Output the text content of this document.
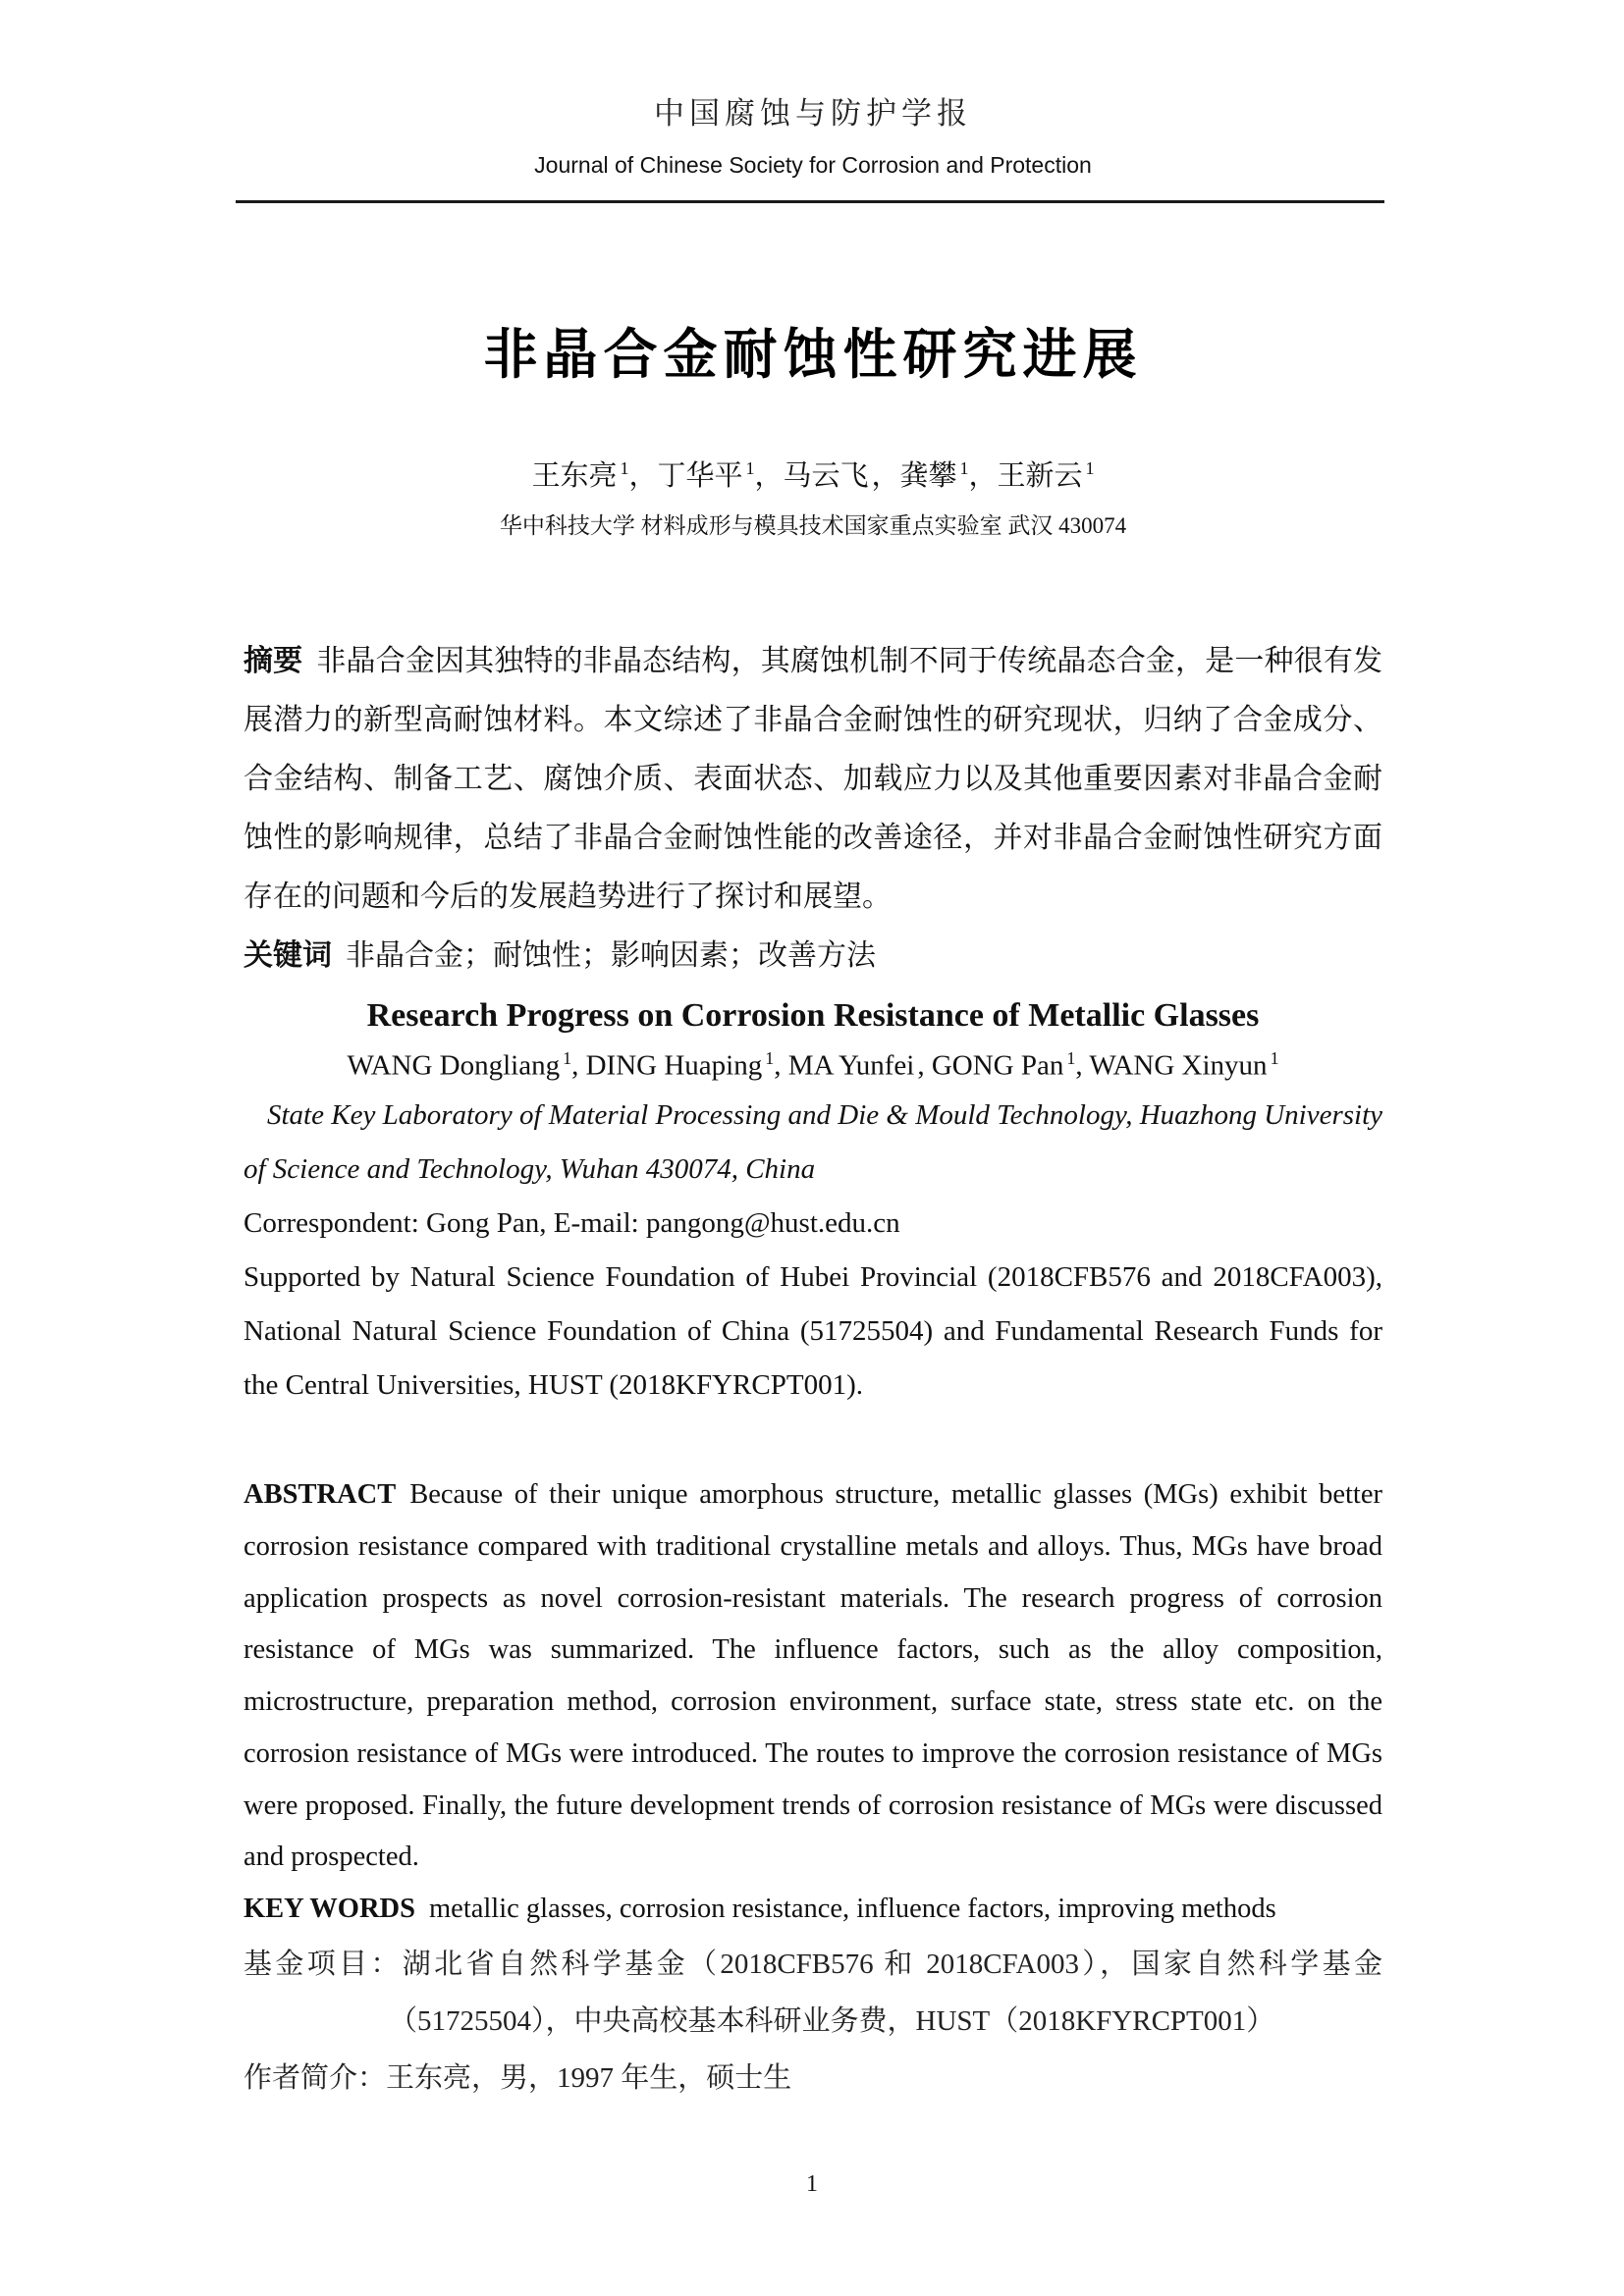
中国腐蚀与防护学报

Journal of Chinese Society for Corrosion and Protection

非晶合金耐蚀性研究进展

王东亮 $^1$，丁华平 $^1$，马云飞 ，龚攀 $^1$，王新云 $^1$

华中科技大学 材料成形与模具技术国家重点实验室 武汉 430074

摘要 非晶合金因其独特的非晶态结构，其腐蚀机制不同于传统晶态合金，是一种很有发展潜力的新型高耐蚀材料。本文综述了非晶合金耐蚀性的研究现状，归纳了合金成分、合金结构、制备工艺、腐蚀介质、表面状态、加载应力以及其他重要因素对非晶合金耐蚀性的影响规律，总结了非晶合金耐蚀性能的改善途径，并对非晶合金耐蚀性研究方面存在的问题和今后的发展趋势进行了探讨和展望。

关键词 非晶合金；耐蚀性；影响因素；改善方法

Research Progress on Corrosion Resistance of Metallic Glasses

WANG Dongliang $^1$, DING Huaping $^1$, MA Yunfei , GONG Pan $^1$, WANG Xinyun $^1$

State Key Laboratory of Material Processing and Die & Mould Technology, Huazhong University of Science and Technology, Wuhan 430074, China

Correspondent: Gong Pan, E-mail: pangong@hust.edu.cn

Supported by Natural Science Foundation of Hubei Provincial (2018CFB576 and 2018CFA003), National Natural Science Foundation of China (51725504) and Fundamental Research Funds for the Central Universities, HUST (2018KFYRCPT001).

ABSTRACT Because of their unique amorphous structure, metallic glasses (MGs) exhibit better corrosion resistance compared with traditional crystalline metals and alloys. Thus, MGs have broad application prospects as novel corrosion-resistant materials. The research progress of corrosion resistance of MGs was summarized. The influence factors, such as the alloy composition, microstructure, preparation method, corrosion environment, surface state, stress state etc. on the corrosion resistance of MGs were introduced. The routes to improve the corrosion resistance of MGs were proposed. Finally, the future development trends of corrosion resistance of MGs were discussed and prospected.

KEY WORDS metallic glasses, corrosion resistance, influence factors, improving methods

基金项目：湖北省自然科学基金（2018CFB576 和 2018CFA003），国家自然科学基金（51725504），中央高校基本科研业务费，HUST（2018KFYRCPT001）

作者简介：王东亮，男，1997 年生，硕士生

1
